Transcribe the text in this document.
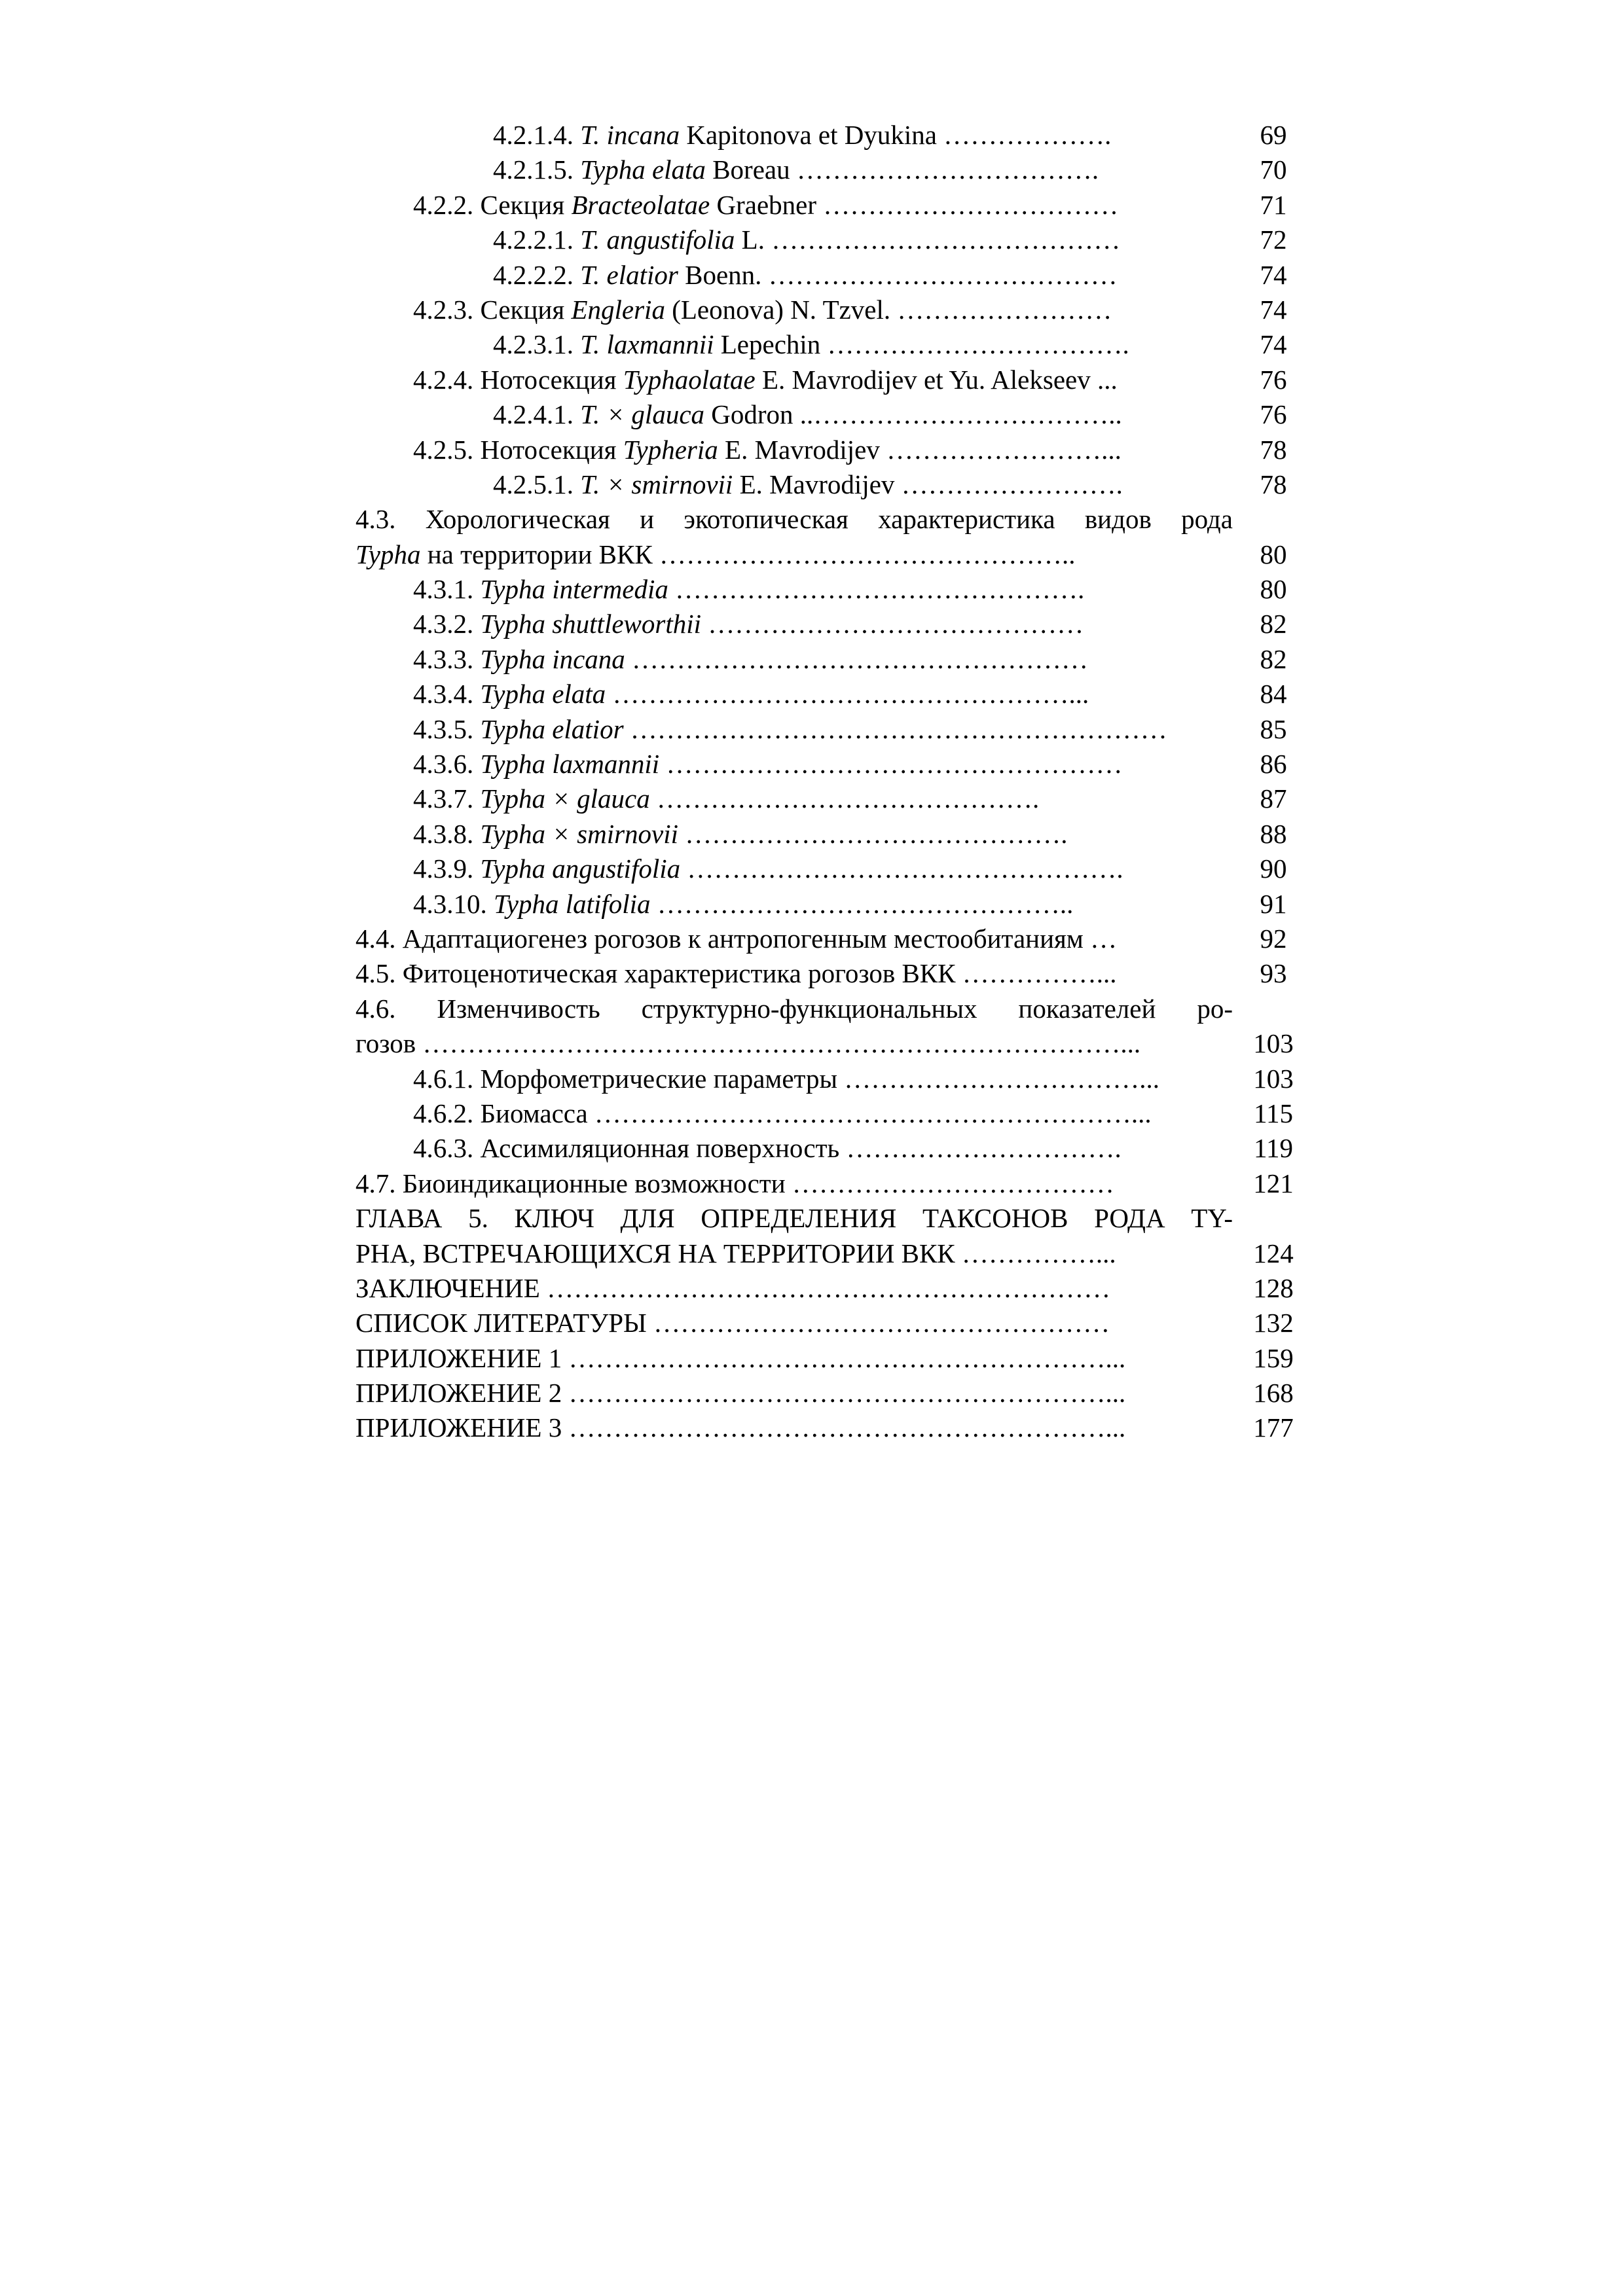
4.2.1.4. T. incana Kapitonova et Dyukina ……………….	69
4.2.1.5. Typha elata Boreau …………………………….	70
4.2.2. Секция Bracteolatae Graebner ……………………………	71
4.2.2.1. T. angustifolia L. …………………………………	72
4.2.2.2. T. elatior Boenn. …………………………………	74
4.2.3. Секция Engleria (Leonova) N. Tzvel. ……………………	74
4.2.3.1. T. laxmannii Lepechin …………………………….	74
4.2.4. Нотосекция Typhaolatae E. Mavrodijev et Yu. Alekseev ...	76
4.2.4.1. T. × glauca Godron ..……………………………..	76
4.2.5. Нотосекция Typheria E. Mavrodijev ……………………...	78
4.2.5.1. T. × smirnovii E. Mavrodijev …………………….	78
4.3. Хорологическая и экотопическая характеристика видов рода
Typha на территории ВКК ………………………………………..	80
4.3.1. Typha intermedia ……………………………………….	80
4.3.2. Typha shuttleworthii ……………………………………	82
4.3.3. Typha incana ……………………………………………	82
4.3.4. Typha elata ……………………………………………...	84
4.3.5. Typha elatior ……………………………………………………	85
4.3.6. Typha laxmannii ……………………………………………	86
4.3.7. Typha × glauca …………………………………….	87
4.3.8. Typha × smirnovii …………………………………….	88
4.3.9. Typha angustifolia ………………………………………….	90
4.3.10. Typha latifolia ………………………………………..	91
4.4. Адаптациогенез рогозов к антропогенным местообитаниям …	92
4.5. Фитоценотическая характеристика рогозов ВКК ……………...	93
4.6. Изменчивость структурно-функциональных показателей ро-
гозов ……………………………………………………………………...	103
4.6.1. Морфометрические параметры ……………………………...	103
4.6.2. Биомасса ……………………………………………………...	115
4.6.3. Ассимиляционная поверхность ………………………….	119
4.7. Биоиндикационные возможности ………………………………	121
ГЛАВА 5. КЛЮЧ ДЛЯ ОПРЕДЕЛЕНИЯ ТАКСОНОВ РОДА TY-
PHA, ВСТРЕЧАЮЩИХСЯ НА ТЕРРИТОРИИ ВКК ……………...	124
ЗАКЛЮЧЕНИЕ ………………………………………………………	128
СПИСОК ЛИТЕРАТУРЫ ……………………………………………	132
ПРИЛОЖЕНИЕ 1 ……………………………………………………...	159
ПРИЛОЖЕНИЕ 2 ……………………………………………………...	168
ПРИЛОЖЕНИЕ 3 ……………………………………………………...	177
